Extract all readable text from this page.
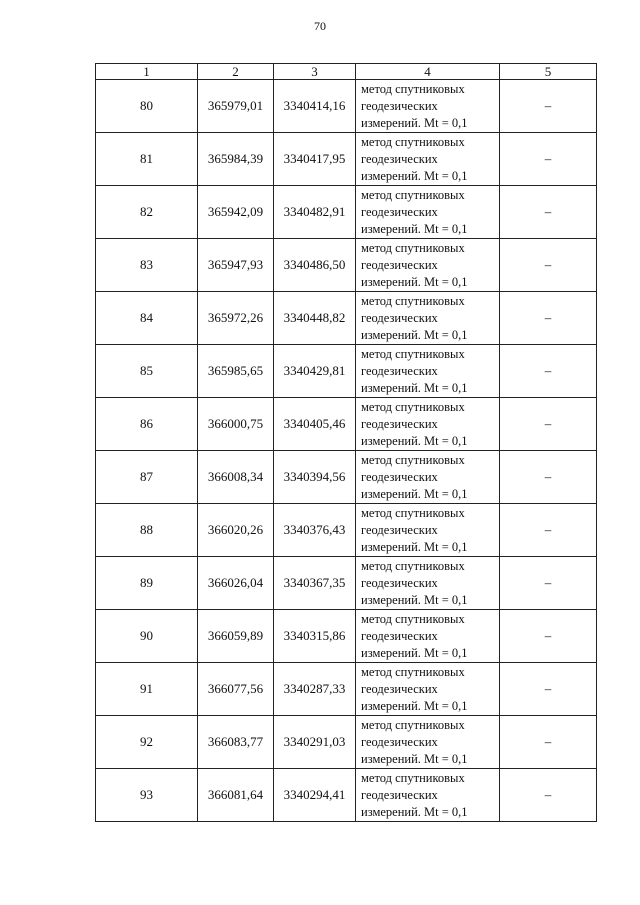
70
1	2	3	4	5
80	365979,01	3340414,16	метод спутниковых
геодезических
измерений. Mt = 0,1	–
81	365984,39	3340417,95	метод спутниковых
геодезических
измерений. Mt = 0,1	–
82	365942,09	3340482,91	метод спутниковых
геодезических
измерений. Mt = 0,1	–
83	365947,93	3340486,50	метод спутниковых
геодезических
измерений. Mt = 0,1	–
84	365972,26	3340448,82	метод спутниковых
геодезических
измерений. Mt = 0,1	–
85	365985,65	3340429,81	метод спутниковых
геодезических
измерений. Mt = 0,1	–
86	366000,75	3340405,46	метод спутниковых
геодезических
измерений. Mt = 0,1	–
87	366008,34	3340394,56	метод спутниковых
геодезических
измерений. Mt = 0,1	–
88	366020,26	3340376,43	метод спутниковых
геодезических
измерений. Mt = 0,1	–
89	366026,04	3340367,35	метод спутниковых
геодезических
измерений. Mt = 0,1	–
90	366059,89	3340315,86	метод спутниковых
геодезических
измерений. Mt = 0,1	–
91	366077,56	3340287,33	метод спутниковых
геодезических
измерений. Mt = 0,1	–
92	366083,77	3340291,03	метод спутниковых
геодезических
измерений. Mt = 0,1	–
93	366081,64	3340294,41	метод спутниковых
геодезических
измерений. Mt = 0,1	–
